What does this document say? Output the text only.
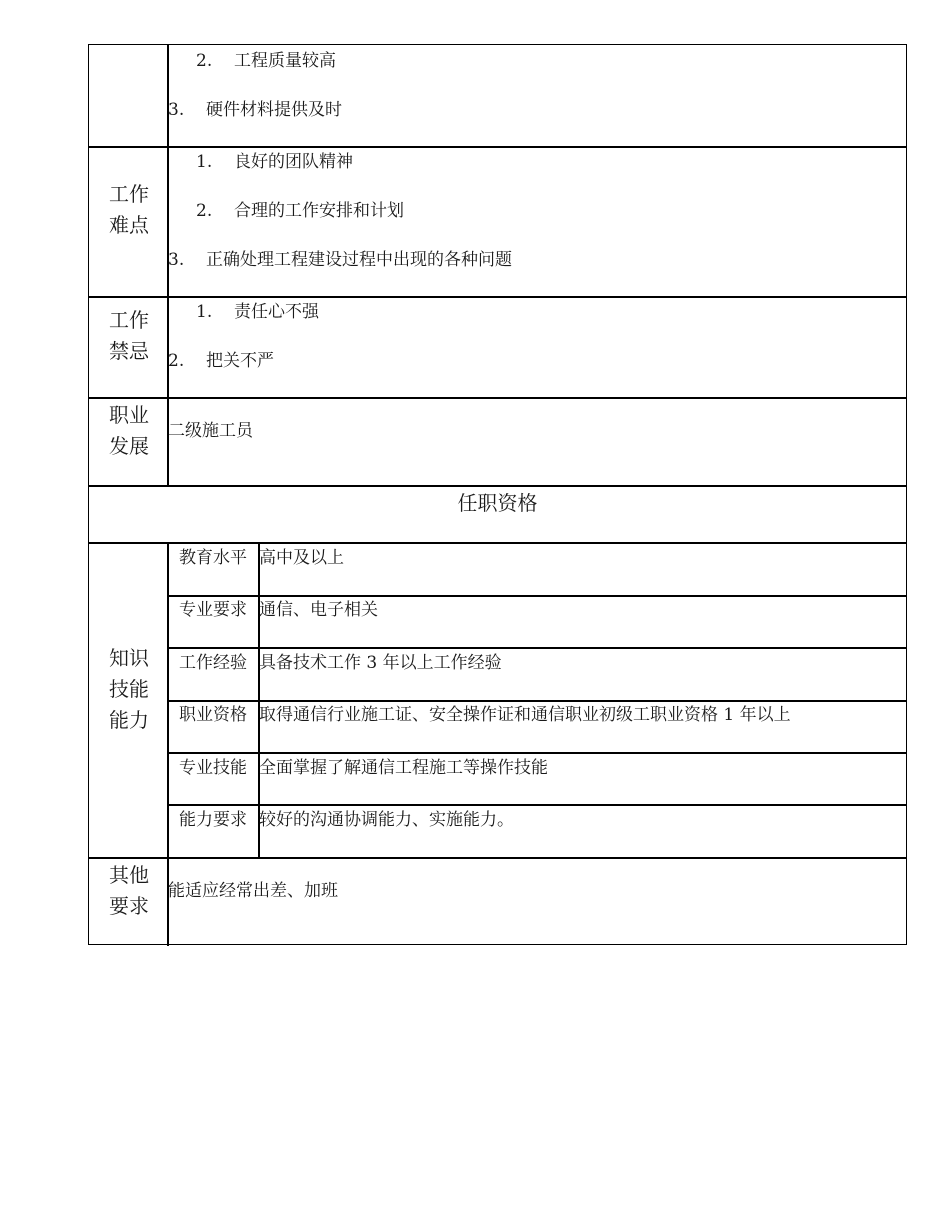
2. 工程质量较高
3. 硬件材料提供及时
工作
难点
1. 良好的团队精神
2. 合理的工作安排和计划
3. 正确处理工程建设过程中出现的各种问题
工作
禁忌
1. 责任心不强
2. 把关不严
职业
发展
二级施工员
任职资格
知识
技能
能力
教育水平 高中及以上
专业要求 通信、电子相关
工作经验 具备技术工作 3 年以上工作经验
职业资格 取得通信行业施工证、安全操作证和通信职业初级工职业资格 1 年以上
专业技能 全面掌握了解通信工程施工等操作技能
能力要求 较好的沟通协调能力、实施能力。
其他
要求
能适应经常出差、加班
